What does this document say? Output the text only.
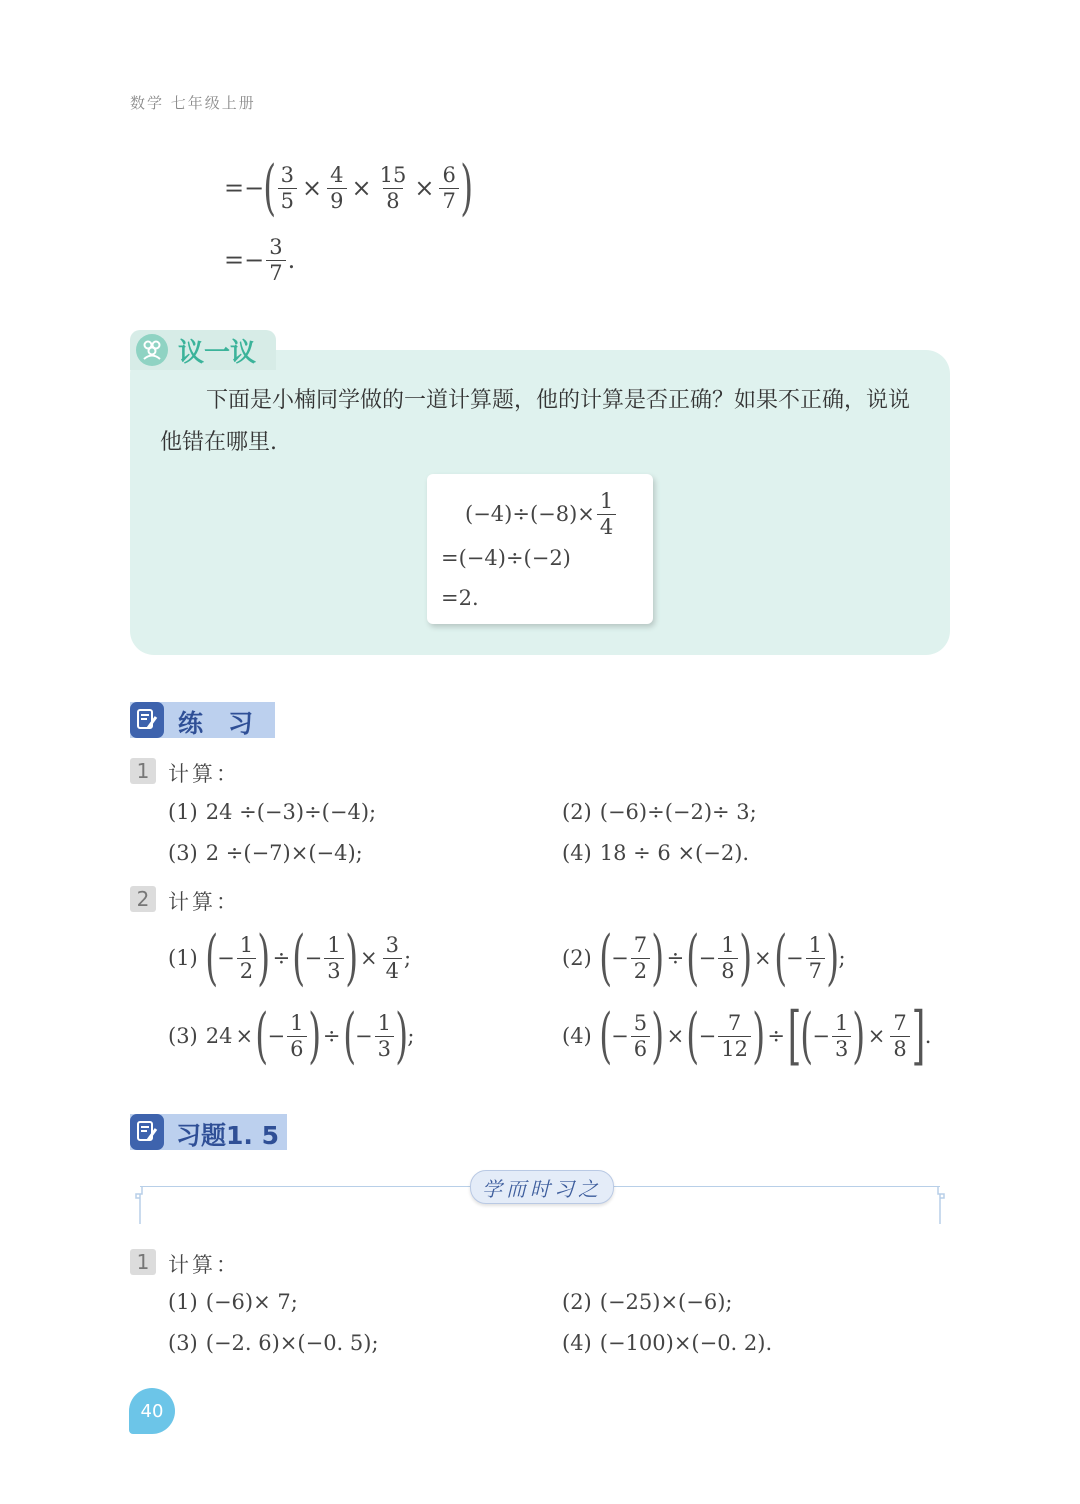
数学 七年级上册
=− ( $\frac{3}{5} \times \frac{4}{9} \times \frac{15}{8} \times \frac{6}{7}$ )
=− $\frac{3}{7}$ .
议一议
下面是小楠同学做的一道计算题，他的计算是否正确？如果不正确，说说他错在哪里.
$(-4)\div(-8)\times \frac{1}{4}$
=(−4)÷(−2)
=2.
练　习
1 计算：
(1) 24 ÷(−3)÷(−4);	(2) (−6)÷(−2)÷ 3;
(3) 2 ÷(−7)×(−4);	(4) 18 ÷ 6 ×(−2).
2 计算：
(1) ( − $\frac{1}{2}$ ) ÷ ( − $\frac{1}{3}$ ) × $\frac{3}{4}$ ;	(2) ( − $\frac{7}{2}$ ) ÷ ( − $\frac{1}{8}$ ) × ( − $\frac{1}{7}$ ) ;
(3) 24 × ( − $\frac{1}{6}$ ) ÷ ( − $\frac{1}{3}$ ) ;	(4) ( − $\frac{5}{6}$ ) × ( − $\frac{7}{12}$ ) ÷ [
( − $\frac{1}{3}$ ) × $\frac{7}{8}$ ] .
习题1. 5
学而时习之
1 计算：
(1) (−6)× 7;	(2) (−25)×(−6);
(3) (−2. 6)×(−0. 5);	(4) (−100)×(−0. 2).
40
